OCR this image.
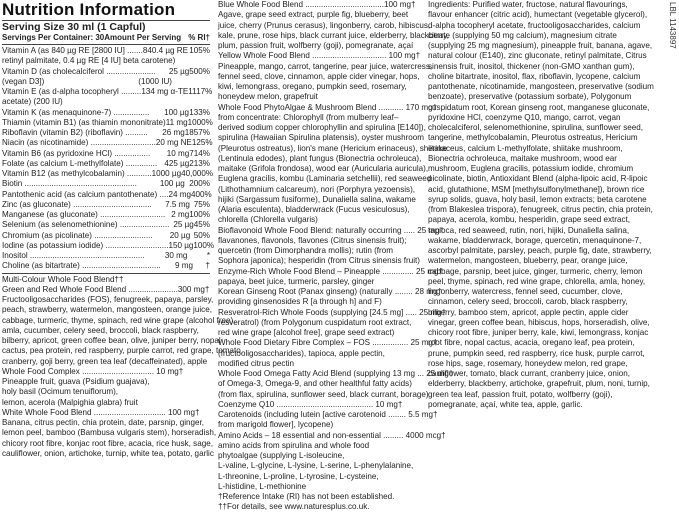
Nutrition Information
Serving Size 30 ml (1 Capful)
Servings Per Container: 30 Amount Per Serving % RI†
Vitamin A (as 840 µg RE [2800 IU] ....... 840.4 µg RE 105%
retinyl palmitate, 0.4 µg RE [4 IU] beta carotene)
Vitamin D (as cholecalciferol ......................	25 µg 500%
(vegan D3])	(1000 IU)
Vitamin E (as d-alpha tocopheryl ......... 134 mg α-TE 1117%
acetate) (200 IU)
Vitamin K (as menaquinone-7) ................	100 µg 133%
Thiamin (vitamin B1) (as thiamin mononitrate) 11 mg 1000%
Riboflavin (vitamin B2) (riboflavin) ..........	26 mg 1857%
Niacin (as nicotinamide) ............................. 20 mg NE 125%
Vitamin B6 (as pyridoxine HCl) ................	10 mg 714%
Folate (as calcium L-methylfolate) .............. 425 µg 213%
Vitamin B12 (as methylcobalamin) ........... 1000 µg 40,000%
Biotin ..................................................	100 µg 200%
Pantothenic acid (as calcium pantothenate) .... 24 mg 400%
Zinc (as gluconate) ...................................	7.5 mg 75%
Manganese (as gluconate) ............................. 2 mg 100%
Selenium (as selenomethionine) ...................... 25 µg 45%
Chromium (as picolinate) ..........................	20 µg 50%
Iodine (as potassium iodide) ............................ 150 µg 100%
Inositol ...................................................	30 mg	*
Choline (as bitartrate) ...................................	9 mg	†
Multi-Colour Whole Food Blend††
Green and Red Whole Food Blend ......................300 mg†
Fructooligosaccharides (FOS), fenugreek, papaya, parsley,
peach, strawberry, watermelon, mangosteen, orange juice,
cabbage, turmeric, thyme, spinach, red wine grape (alcohol free),
amla, cucumber, celery seed, broccoli, black raspberry,
bilberry, apricot, green coffee bean, olive, juniper berry, nopal
cactus, pea protein, red raspberry, purple carrot, red grape, tomato,
cranberry, goji berry, green tea leaf (decaffeinated), apple
Whole Food Complex ................................ 10 mg†
Pineapple fruit, guava (Psidium guajava),
holy basil (Ocimum tenuiflorum),
lemon, acerola (Malpighia glabra) fruit
White Whole Food Blend ................................ 100 mg†
Banana, citrus pectin, chia protein, date, parsnip, ginger,
lemon peel, bamboo (Bambusa vulgaris stem), horseradish,
chicory root fibre, konjac root fibre, acacia, rice husk, sage,
cauliflower, onion, artichoke, turnip, white tea, potato, garlic
Blue Whole Food Blend ...................................100 mg†
Agave, grape seed extract, purple fig, blueberry, beet
juice, cherry (Prunus cerasus), lingonberry, carob, hibiscus,
kale, prune, rose hips, black currant juice, elderberry, blackberry,
plum, passion fruit, wolfberry (goji), pomegranate, açaí
Yellow Whole Food Blend ................................. 100 mg†
Pineapple, mango, carrot, tangerine, pear juice, watercress,
fennel seed, clove, cinnamon, apple cider vinegar, hops,
kiwi, lemongrass, oregano, pumpkin seed, rosemary,
honeydew melon, grapefruit
Whole Food PhytoAlgae & Mushroom Blend ........... 170 mg†
from concentrate: Chlorophyll (from mulberry leaf–
derived sodium copper chlorophyllin and spirulina [E140]),
spirulina (Hawaiian Spirulina platensis), oyster mushroom
(Pleurotus ostreatus), lion's mane (Hericium erinaceus), shiitake
(Lentinula edodes), plant fungus (Bionectria ochroleuca),
maitake (Grifola frondosa), wood ear (Auricularia auricula),
Euglena gracilis, kombu (Laminaria setchellii), red seaweed
(Lithothamnium calcareum), nori (Porphyra yezoensis),
hijiki (Sargassum fusiforme), Dunaliella salina, wakame
(Alaria esculenta), bladderwrack (Fucus vesiculosus),
chlorella (Chlorella vulgaris)
Bioflavonoid Whole Food Blend: naturally occurring ..... 25 mg†
flavanones, flavonols, flavones (Citrus sinensis fruit);
quercetin (from Dimorphandra mollis); rutin (from
Sophora japonica); hesperidin (from Citrus sinensis fruit)
Enzyme-Rich Whole Food Blend – Pineapple .............. 25 mg†
papaya, beet juice, turmeric, parsley, ginger
Korean Ginseng Root (Panax ginseng) (naturally ........ 28 mg†
providing ginsenosides R [a through h] and F)
Resveratrol-Rich Whole Foods (supplying [24.5 mg] ..... 25 mg†
resveratrol) (from Polygonum cuspidatum root extract,
red wine grape [alcohol free], grape seed extract)
Whole Food Dietary Fibre Complex – FOS ................ 25 mg†
(fructooligosaccharides), tapioca, apple pectin,
modified citrus pectin
Whole Food Omega Fatty Acid Blend (supplying 13 mg ... 25 mg†
of Omega-3, Omega-9, and other healthful fatty acids)
(from flax, spirulina, sunflower seed, black currant, borage)
Coenzyme Q10 ........................................... 10 mg†
Carotenoids (including lutein [active carotenoid ........ 5.5 mg†
from marigold flower], lycopene)
Amino Acids – 18 essential and non-essential ......... 4000 mcg†
amino acids from spirulina and whole food
phytoalgae (supplying L-isoleucine,
L-valine, L-glycine, L-lysine, L-serine, L-phenylalanine,
L-threonine, L-proline, L-tyrosine, L-cysteine,
L-histidine, L-methionine
†Reference Intake (RI) has not been established.
††For details, see www.naturesplus.co.uk.
Ingredients: Purified water, fructose, natural flavourings, flavour enhancer (citric acid), humectant (vegetable glycerol), d-alpha tocopheryl acetate, fructooligosaccharides, calcium citrate (supplying 50 mg calcium), magnesium citrate (supplying 25 mg magnesium), pineapple fruit, banana, agave, natural colour (E140), zinc gluconate, retinyl palmitate, Citrus sinensis fruit, inositol, thickener (non-GMO xanthan gum), choline bitartrate, inositol, flax, riboflavin, lycopene, calcium pantothenate, nicotinamide, mangosteen, preservative (sodium benzoate), preservative (potassium sorbate), Polygonum cuspidatum root, Korean ginseng root, manganese gluconate, pyridoxine HCl, coenzyme Q10, mango, carrot, vegan cholecalciferol, selenomethionine, spirulina, sunflower seed, tangerine, methylcobalamin, Pleurotus ostreatus, Hericium erinaceus, calcium L-methylfolate, shiitake mushroom, Bionectria ochroleuca, maitake mushroom, wood ear mushroom, Euglena gracilis, potassium iodide, chromium picolinate, biotin, Antioxidant Blend (alpha-lipoic acid, R-lipoic acid, glutathione, MSM [methylsulfonylmethane]), brown rice syrup solids, guava, holy basil, lemon extracts; beta carotene (from Blakeslea trispora), fenugreek, citrus pectin, chia protein, papaya, acerola, kombu, hesperidin, grape seed extract, tapioca, red seaweed, rutin, nori, hijiki, Dunaliella salina, wakame, bladderwrack, borage, quercetin, menaquinone-7, ascorbyl palmitate, parsley, peach, purple fig, date, strawberry, watermelon, mangosteen, blueberry, pear, orange juice, cabbage, parsnip, beet juice, ginger, turmeric, cherry, lemon peel, thyme, spinach, red wine grape, chlorella, amla, honey, lingonberry, watercress, fennel seed, cucumber, clove, cinnamon, celery seed, broccoli, carob, black raspberry, bilberry, bamboo stem, apricot, apple pectin, apple cider vinegar, green coffee bean, hibiscus, hops, horseradish, olive, chicory root fibre, juniper berry, kale, kiwi, lemongrass, konjac root fibre, nopal cactus, acacia, oregano leaf, pea protein, prune, pumpkin seed, red raspberry, rice husk, purple carrot, rose hips, sage, rosemary, honeydew melon, red grape, cauliflower, tomato, black currant, cranberry juice, onion, elderberry, blackberry, artichoke, grapefruit, plum, noni, turnip, green tea leaf, passion fruit, potato, wolfberry (goji), pomegranate, açaí, white tea, apple, garlic.
LBL 1143897
